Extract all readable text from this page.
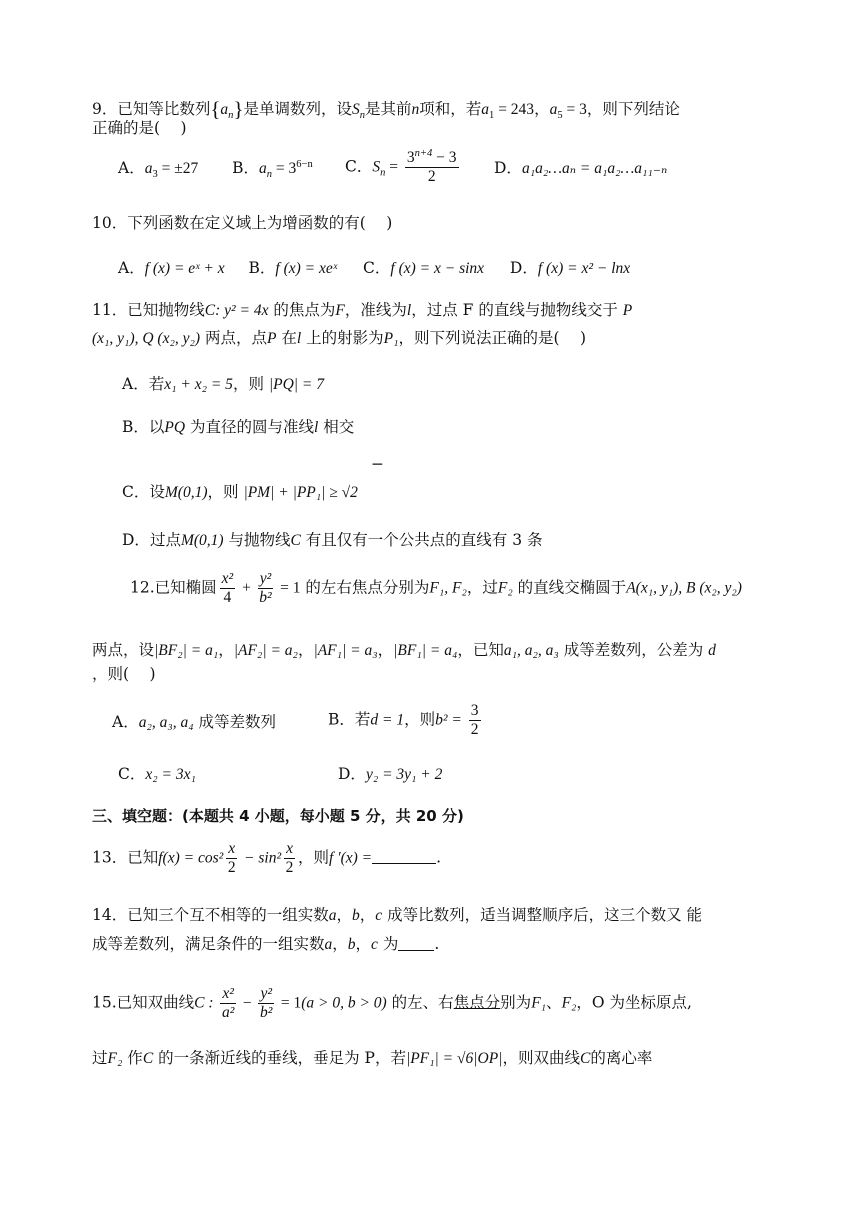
9．已知等比数列$\{a_n\}$是单调数列，设$S_n$是其前n项和，若$a_1 = 243$，$a_5 = 3$，则下列结论
正确的是(　 )
A．$a_3 = \pm 27$ B．$a_n = 3^{6-n}$ C．$S_n = \frac{3^{n+4} - 3}{2}$ D．a₁a₂…aₙ = a₁a₂…a₁₁₋ₙ
10．下列函数在定义域上为增函数的有(　 )
A．f (x) = eˣ + x B．f (x) = xeˣ C．f (x) = x − sinx D．f (x) = x² − lnx
11．已知抛物线C: y² = 4x 的焦点为F，准线为l，过点 F 的直线与抛物线交于 P
(x₁, y₁), Q (x₂, y₂) 两点，点P 在l 上的射影为P₁，则下列说法正确的是(　 )
A．若x₁ + x₂ = 5，则 |PQ| = 7
B．以PQ 为直径的圆与准线l 相交
−
C．设M(0,1)，则 |PM| + |PP₁| ≥ √2
D．过点M(0,1) 与抛物线C 有且仅有一个公共点的直线有 3 条
12.已知椭圆 $\frac{\text{x²}}{4} + \frac{\text{y²}}{\text{b²}} = 1$ 的左右焦点分别为F₁, F₂，过F₂ 的直线交椭圆于A(x₁, y₁), B (x₂, y₂)
两点，设|BF₂| = a₁，|AF₂| = a₂，|AF₁| = a₃，|BF₁| = a₄，已知a₁, a₂, a₃ 成等差数列，公差为 d
，则(　 )
A．a₂, a₃, a₄ 成等差数列	B．若d = 1，则$b^2 = \frac{3}{2}$
C．x₂ = 3x₁	D．y₂ = 3y₁ + 2
三、填空题：(本题共 4 小题，每小题 5 分，共 20 分)
13．已知$f(x) = \cos^2 \frac{x}{2} - \sin^2 \frac{x}{2}$ ，则f ′(x) =	.
14．已知三个互不相等的一组实数a，b，c 成等比数列，适当调整顺序后，这三个数又 能
成等差数列，满足条件的一组实数a，b，c 为 .
15.已知双曲线C : $\frac{\text{x²}}{\text{a²}} - \frac{\text{y²}}{\text{b²}} = 1(a > 0$, b > 0) 的左、右焦点分别为F₁、F₂，O 为坐标原点,
过F₂ 作C 的一条渐近线的垂线，垂足为 P，若|PF₁| = √6|OP|，则双曲线C的离心率
